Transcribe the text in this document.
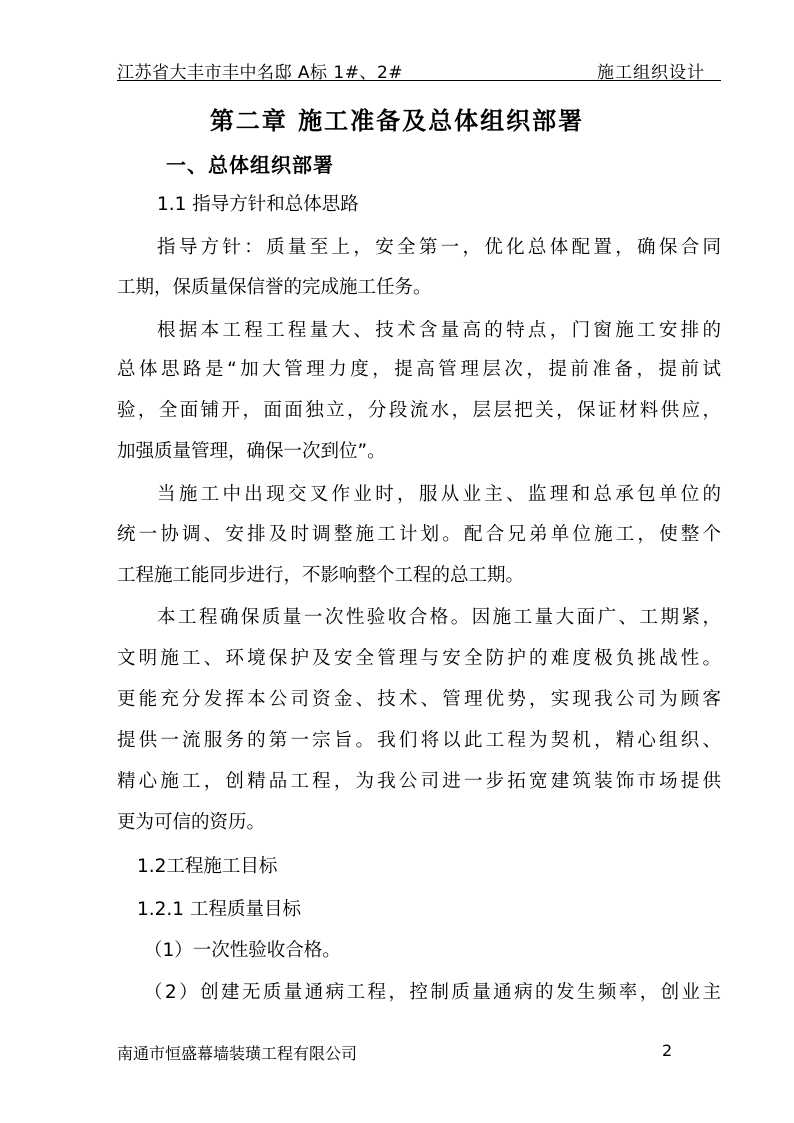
江苏省大丰市丰中名邸 A标 1#、2#	施工组织设计
第二章 施工准备及总体组织部署
一、总体组织部署
1.1 指导方针和总体思路
指导方针：质量至上，安全第一，优化总体配置，确保合同
工期，保质量保信誉的完成施工任务。
根据本工程工程量大、技术含量高的特点，门窗施工安排的
总体思路是“加大管理力度，提高管理层次，提前准备，提前试
验，全面铺开，面面独立，分段流水，层层把关，保证材料供应，
加强质量管理，确保一次到位”。
当施工中出现交叉作业时，服从业主、监理和总承包单位的
统一协调、安排及时调整施工计划。配合兄弟单位施工，使整个
工程施工能同步进行，不影响整个工程的总工期。
本工程确保质量一次性验收合格。因施工量大面广、工期紧，
文明施工、环境保护及安全管理与安全防护的难度极负挑战性。
更能充分发挥本公司资金、技术、管理优势，实现我公司为顾客
提供一流服务的第一宗旨。我们将以此工程为契机，精心组织、
精心施工，创精品工程，为我公司进一步拓宽建筑装饰市场提供
更为可信的资历。
1.2工程施工目标
1.2.1 工程质量目标
（1）一次性验收合格。
（2）创建无质量通病工程，控制质量通病的发生频率，创业主
南通市恒盛幕墙装璜工程有限公司	2
